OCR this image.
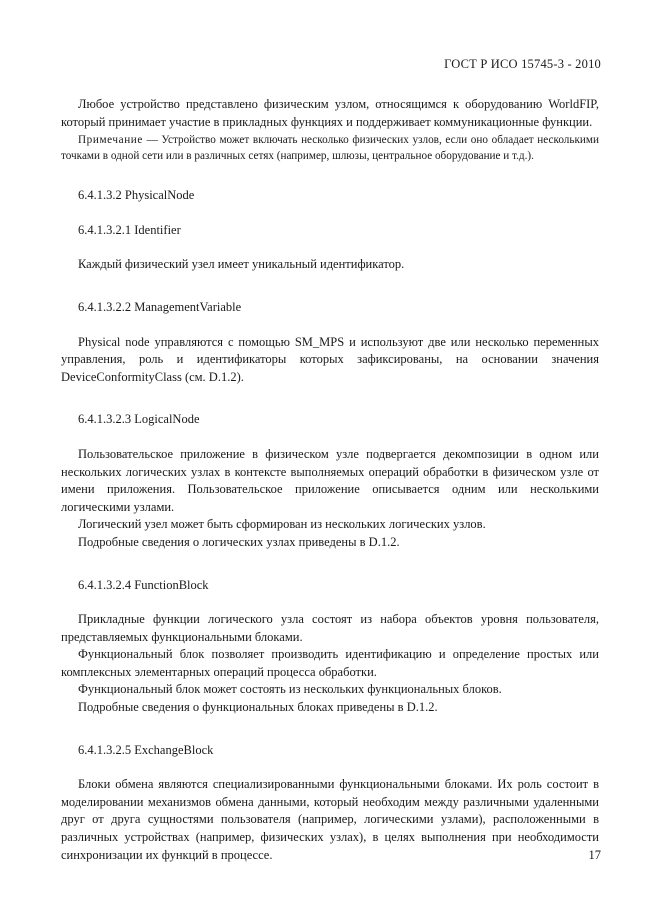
ГОСТ Р ИСО 15745-3 - 2010

Любое устройство представлено физическим узлом, относящимся к оборудованию WorldFIP, который принимает участие в прикладных функциях и поддерживает коммуникационные функции.

Примечание — Устройство может включать несколько физических узлов, если оно обладает несколькими точками в одной сети или в различных сетях (например, шлюзы, центральное оборудование и т.д.).

6.4.1.3.2 PhysicalNode
6.4.1.3.2.1 Identifier

Каждый физический узел имеет уникальный идентификатор.

6.4.1.3.2.2 ManagementVariable

Physical node управляются с помощью SM_MPS и используют две или несколько переменных управления, роль и идентификаторы которых зафиксированы, на основании значения DeviceConformityClass (см. D.1.2).

6.4.1.3.2.3 LogicalNode

Пользовательское приложение в физическом узле подвергается декомпозиции в одном или нескольких логических узлах в контексте выполняемых операций обработки в физическом узле от имени приложения. Пользовательское приложение описывается одним или несколькими логическими узлами.

Логический узел может быть сформирован из нескольких логических узлов.

Подробные сведения о логических узлах приведены в D.1.2.

6.4.1.3.2.4 FunctionBlock

Прикладные функции логического узла состоят из набора объектов уровня пользователя, представляемых функциональными блоками.

Функциональный блок позволяет производить идентификацию и определение простых или комплексных элементарных операций процесса обработки.

Функциональный блок может состоять из нескольких функциональных блоков.

Подробные сведения о функциональных блоках приведены в D.1.2.

6.4.1.3.2.5 ExchangeBlock

Блоки обмена являются специализированными функциональными блоками. Их роль состоит в моделировании механизмов обмена данными, который необходим между различными удаленными друг от друга сущностями пользователя (например, логическими узлами), расположенными в различных устройствах (например, физических узлах), в целях выполнения при необходимости синхронизации их функций в процессе.	17
